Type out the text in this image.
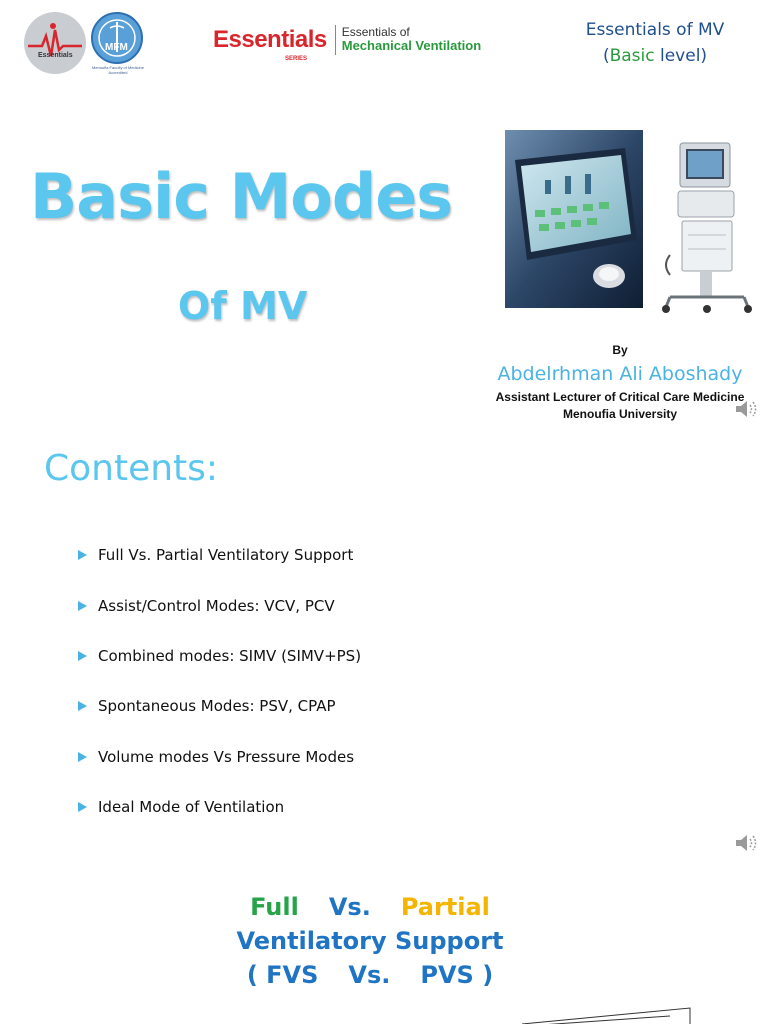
Essentials
MFM
Menoufia Faculty of Medicine Accredited
Essentials
SERIES
Essentials of
Mechanical Ventilation
Essentials of MV
(Basic level)
Basic Modes
Of MV
By
Abdelrhman Ali Aboshady
Assistant Lecturer of Critical Care Medicine
Menoufia University
Contents:
Full Vs. Partial Ventilatory Support
Assist/Control Modes: VCV, PCV
Combined modes: SIMV (SIMV+PS)
Spontaneous Modes: PSV, CPAP
Volume modes Vs Pressure Modes
Ideal Mode of Ventilation
Full Vs. Partial
Ventilatory Support
( FVS Vs. PVS )
